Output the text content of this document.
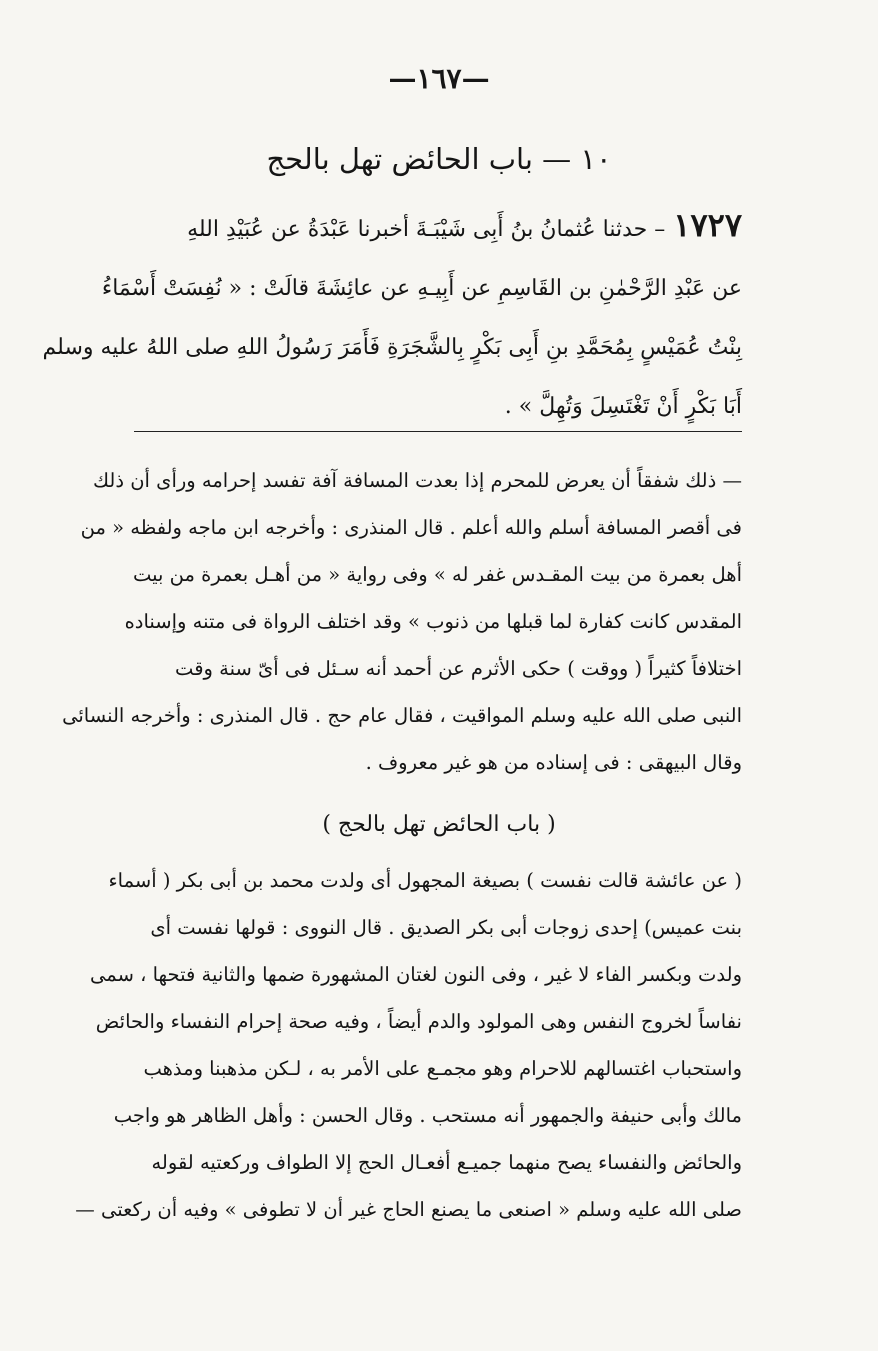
—١٦٧—
١٠ — باب الحائض تهل بالحج
١٧٢٧– حدثنا عُثمانُ بنُ أَبِى شَيْبَـةَ أخبرنا عَبْدَةُ عن عُبَيْدِ اللهِ
عن عَبْدِ الرَّحْمٰنِ بن القَاسِمِ عن أَبِيـهِ عن عائِشَةَ قالَتْ : « نُفِسَتْ أَسْمَاءُ
بِنْتُ عُمَيْسٍ بِمُحَمَّدِ بنِ أَبِى بَكْرٍ بِالشَّجَرَةِ فَأَمَرَ رَسُولُ اللهِ صلى اللهُ عليه وسلم
أَبَا بَكْرٍ أَنْ تَغْتَسِلَ وَتُهِلَّ » .
— ذلك شفقاً أن يعرض للمحرم إذا بعدت المسافة آفة تفسد إحرامه ورأى أن ذلك
فى أقصر المسافة أسلم والله أعلم . قال المنذرى : وأخرجه ابن ماجه ولفظه « من
أهل بعمرة من بيت المقـدس غفر له » وفى رواية « من أهـل بعمرة من بيت
المقدس كانت كفارة لما قبلها من ذنوب » وقد اختلف الرواة فى متنه وإسناده
اختلافاً كثيراً ( ووقت ) حكى الأثرم عن أحمد أنه سـئل فى أىّ سنة وقت
النبى صلى الله عليه وسلم المواقيت ، فقال عام حج . قال المنذرى : وأخرجه النسائى
وقال البيهقى : فى إسناده من هو غير معروف .
( باب الحائض تهل بالحج )
( عن عائشة قالت نفست ) بصيغة المجهول أى ولدت محمد بن أبى بكر ( أسماء
بنت عميس) إحدى زوجات أبى بكر الصديق . قال النووى : قولها نفست أى
ولدت وبكسر الفاء لا غير ، وفى النون لغتان المشهورة ضمها والثانية فتحها ، سمى
نفاساً لخروج النفس وهى المولود والدم أيضاً ، وفيه صحة إحرام النفساء والحائض
واستحباب اغتسالهم للاحرام وهو مجمـع على الأمر به ، لـكن مذهبنا ومذهب
مالك وأبى حنيفة والجمهور أنه مستحب . وقال الحسن : وأهل الظاهر هو واجب
والحائض والنفساء يصح منهما جميـع أفعـال الحج إلا الطواف وركعتيه لقوله
صلى الله عليه وسلم « اصنعى ما يصنع الحاج غير أن لا تطوفى » وفيه أن ركعتى —
